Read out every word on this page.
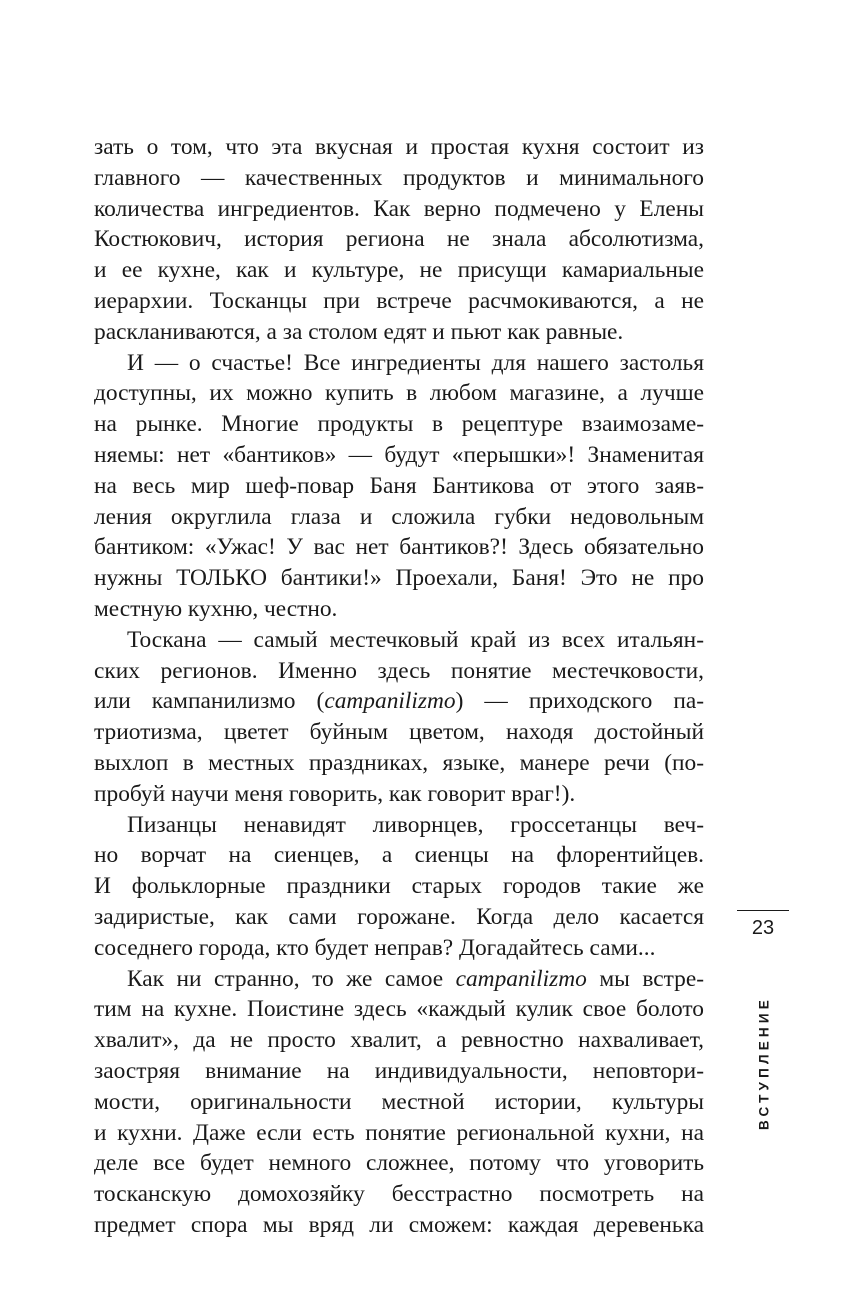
зать о том, что эта вкусная и простая кухня состоит из
главного — качественных продуктов и минимального
количества ингредиентов. Как верно подмечено у Елены
Костюкович, история региона не знала абсолютизма,
и ее кухне, как и культуре, не присущи камариальные
иерархии. Тосканцы при встрече расчмокиваются, а не
раскланиваются, а за столом едят и пьют как равные.
И — о счастье! Все ингредиенты для нашего застолья
доступны, их можно купить в любом магазине, а лучше
на рынке. Многие продукты в рецептуре взаимозаме-
няемы: нет «бантиков» — будут «перышки»! Знаменитая
на весь мир шеф-повар Баня Бантикова от этого заяв-
ления округлила глаза и сложила губки недовольным
бантиком: «Ужас! У вас нет бантиков?! Здесь обязательно
нужны ТОЛЬКО бантики!» Проехали, Баня! Это не про
местную кухню, честно.
Тоскана — самый местечковый край из всех итальян-
ских регионов. Именно здесь понятие местечковости,
или кампанилизмо (campanilizmo) — приходского па-
триотизма, цветет буйным цветом, находя достойный
выхлоп в местных праздниках, языке, манере речи (по-
пробуй научи меня говорить, как говорит враг!).
Пизанцы ненавидят ливорнцев, гроссетанцы веч-
но ворчат на сиенцев, а сиенцы на флорентийцев.
И фольклорные праздники старых городов такие же
задиристые, как сами горожане. Когда дело касается
соседнего города, кто будет неправ? Догадайтесь сами...
Как ни странно, то же самое campanilizmo мы встре-
тим на кухне. Поистине здесь «каждый кулик свое болото
хвалит», да не просто хвалит, а ревностно нахваливает,
заостряя внимание на индивидуальности, неповтори-
мости, оригинальности местной истории, культуры
и кухни. Даже если есть понятие региональной кухни, на
деле все будет немного сложнее, потому что уговорить
тосканскую домохозяйку бесстрастно посмотреть на
предмет спора мы вряд ли сможем: каждая деревенька
23
ВСТУПЛЕНИЕ
